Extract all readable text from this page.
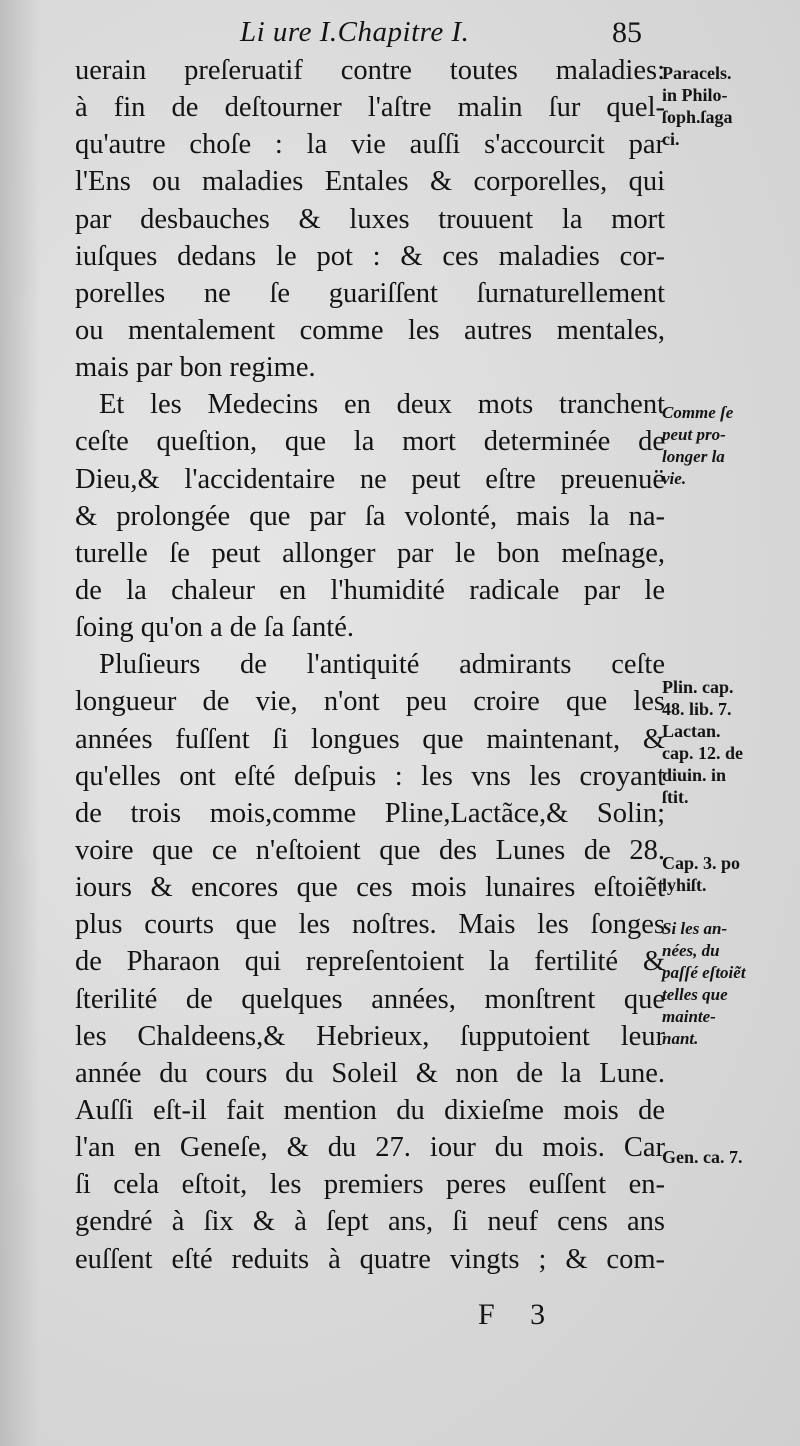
Li ure I.Chapitre I.	85
uerain preſeruatif contre toutes maladies:
à fin de deſtourner l'aſtre malin ſur quel-
qu'autre choſe : la vie auſſi s'accourcit par
l'Ens ou maladies Entales & corporelles, qui
par desbauches & luxes trouuent la mort
iuſques dedans le pot : & ces maladies cor-
porelles ne ſe guariſſent ſurnaturellement
ou mentalement comme les autres mentales,
mais par bon regime.
Et les Medecins en deux mots tranchent
ceſte queſtion, que la mort determinée de
Dieu,& l'accidentaire ne peut eſtre preuenuë
& prolongée que par ſa volonté, mais la na-
turelle ſe peut allonger par le bon meſnage,
de la chaleur en l'humidité radicale par le
ſoing qu'on a de ſa ſanté.
Pluſieurs de l'antiquité admirants ceſte
longueur de vie, n'ont peu croire que les
années fuſſent ſi longues que maintenant, &
qu'elles ont eſté deſpuis : les vns les croyant
de trois mois,comme Pline,Lactãce,& Solin;
voire que ce n'eſtoient que des Lunes de 28.
iours & encores que ces mois lunaires eſtoiẽt
plus courts que les noſtres. Mais les ſonges
de Pharaon qui repreſentoient la fertilité &
ſterilité de quelques années, monſtrent que
les Chaldeens,& Hebrieux, ſupputoient leur
année du cours du Soleil & non de la Lune.
Auſſi eſt-il fait mention du dixieſme mois de
l'an en Geneſe, & du 27. iour du mois. Car
ſi cela eſtoit, les premiers peres euſſent en-
gendré à ſix & à ſept ans, ſi neuf cens ans
euſſent eſté reduits à quatre vingts ; & com-
Paracels.
in Philo-
ſoph.ſaga
ci.
Comme ſe
peut pro-
longer la
vie.
Plin. cap.
48. lib. 7.
Lactan.
cap. 12. de
diuin. in
ſtit.
Cap. 3. po
lyhiſt.
Si les an-
nées, du
paſſé eſtoiẽt
telles que
mainte-
nant.
Gen. ca. 7.
F 3
